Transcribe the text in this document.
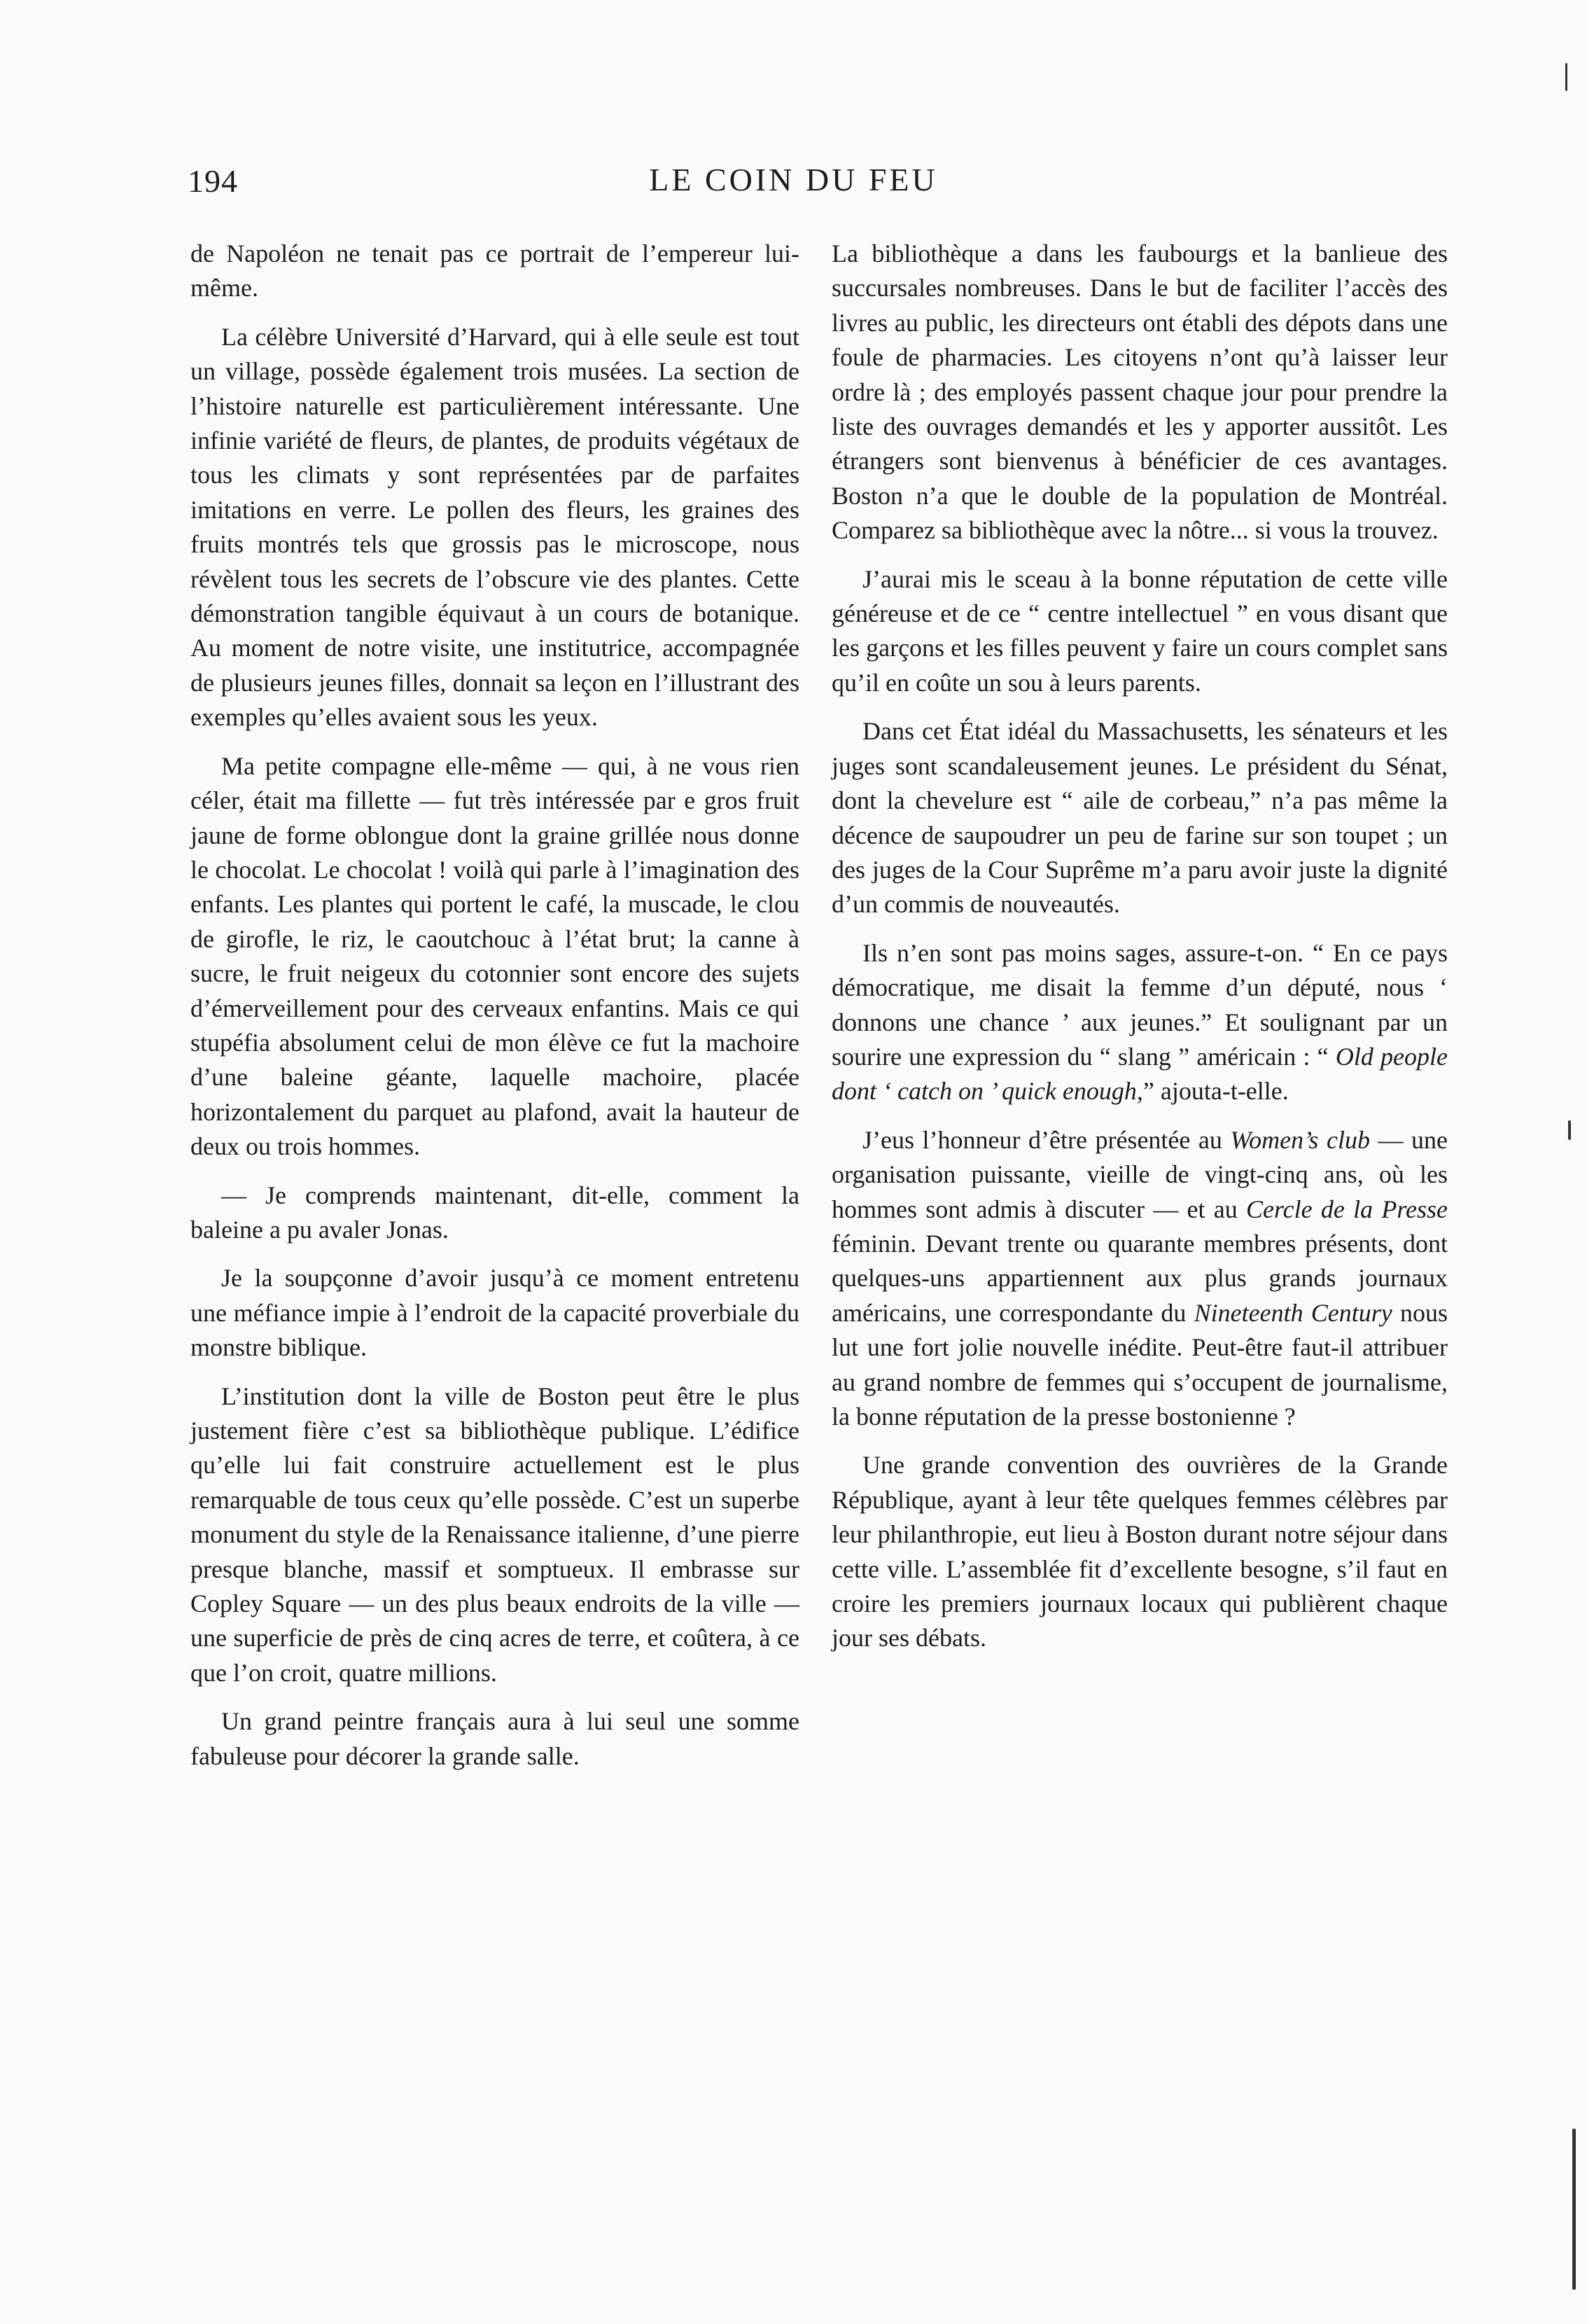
194	LE COIN DU FEU

de Napoléon ne tenait pas ce portrait de l’empereur lui-même.

La célèbre Université d’Harvard, qui à elle seule est tout un village, possède également trois musées. La section de l’histoire naturelle est particulièrement intéressante. Une infinie variété de fleurs, de plantes, de produits végétaux de tous les climats y sont représentées par de parfaites imitations en verre. Le pollen des fleurs, les graines des fruits montrés tels que grossis pas le microscope, nous révèlent tous les secrets de l’obscure vie des plantes. Cette démonstration tangible équivaut à un cours de botanique. Au moment de notre visite, une institutrice, accompagnée de plusieurs jeunes filles, donnait sa leçon en l’illustrant des exemples qu’elles avaient sous les yeux.

Ma petite compagne elle-même — qui, à ne vous rien céler, était ma fillette — fut très intéressée par e gros fruit jaune de forme oblongue dont la graine grillée nous donne le chocolat. Le chocolat ! voilà qui parle à l’imagination des enfants. Les plantes qui portent le café, la muscade, le clou de girofle, le riz, le caoutchouc à l’état brut; la canne à sucre, le fruit neigeux du cotonnier sont encore des sujets d’émerveillement pour des cerveaux enfantins. Mais ce qui stupéfia absolument celui de mon élève ce fut la machoire d’une baleine géante, laquelle machoire, placée horizontalement du parquet au plafond, avait la hauteur de deux ou trois hommes.

— Je comprends maintenant, dit-elle, comment la baleine a pu avaler Jonas.

Je la soupçonne d’avoir jusqu’à ce moment entretenu une méfiance impie à l’endroit de la capacité proverbiale du monstre biblique.

L’institution dont la ville de Boston peut être le plus justement fière c’est sa bibliothèque publique. L’édifice qu’elle lui fait construire actuellement est le plus remarquable de tous ceux qu’elle possède. C’est un superbe monument du style de la Renaissance italienne, d’une pierre presque blanche, massif et somptueux. Il embrasse sur Copley Square — un des plus beaux endroits de la ville — une superficie de près de cinq acres de terre, et coûtera, à ce que l’on croit, quatre millions.

Un grand peintre français aura à lui seul une somme fabuleuse pour décorer la grande salle.

La bibliothèque a dans les faubourgs et la banlieue des succursales nombreuses. Dans le but de faciliter l’accès des livres au public, les directeurs ont établi des dépots dans une foule de pharmacies. Les citoyens n’ont qu’à laisser leur ordre là ; des employés passent chaque jour pour prendre la liste des ouvrages demandés et les y apporter aussitôt. Les étrangers sont bienvenus à bénéficier de ces avantages. Boston n’a que le double de la population de Montréal. Comparez sa bibliothèque avec la nôtre... si vous la trouvez.

J’aurai mis le sceau à la bonne réputation de cette ville généreuse et de ce “ centre intellectuel ” en vous disant que les garçons et les filles peuvent y faire un cours complet sans qu’il en coûte un sou à leurs parents.

Dans cet État idéal du Massachusetts, les sénateurs et les juges sont scandaleusement jeunes. Le président du Sénat, dont la chevelure est “ aile de corbeau,” n’a pas même la décence de saupoudrer un peu de farine sur son toupet ; un des juges de la Cour Suprême m’a paru avoir juste la dignité d’un commis de nouveautés.

Ils n’en sont pas moins sages, assure-t-on. “ En ce pays démocratique, me disait la femme d’un député, nous ‘ donnons une chance ’ aux jeunes.” Et soulignant par un sourire une expression du “ slang ” américain : “ Old people dont ‘ catch on ’ quick enough,” ajouta-t-elle.

J’eus l’honneur d’être présentée au Women’s club — une organisation puissante, vieille de vingt-cinq ans, où les hommes sont admis à discuter — et au Cercle de la Presse féminin. Devant trente ou quarante membres présents, dont quelques-uns appartiennent aux plus grands journaux américains, une correspondante du Nineteenth Century nous lut une fort jolie nouvelle inédite. Peut-être faut-il attribuer au grand nombre de femmes qui s’occupent de journalisme, la bonne réputation de la presse bostonienne ?

Une grande convention des ouvrières de la Grande République, ayant à leur tête quelques femmes célèbres par leur philanthropie, eut lieu à Boston durant notre séjour dans cette ville. L’assemblée fit d’excellente besogne, s’il faut en croire les premiers journaux locaux qui publièrent chaque jour ses débats.
